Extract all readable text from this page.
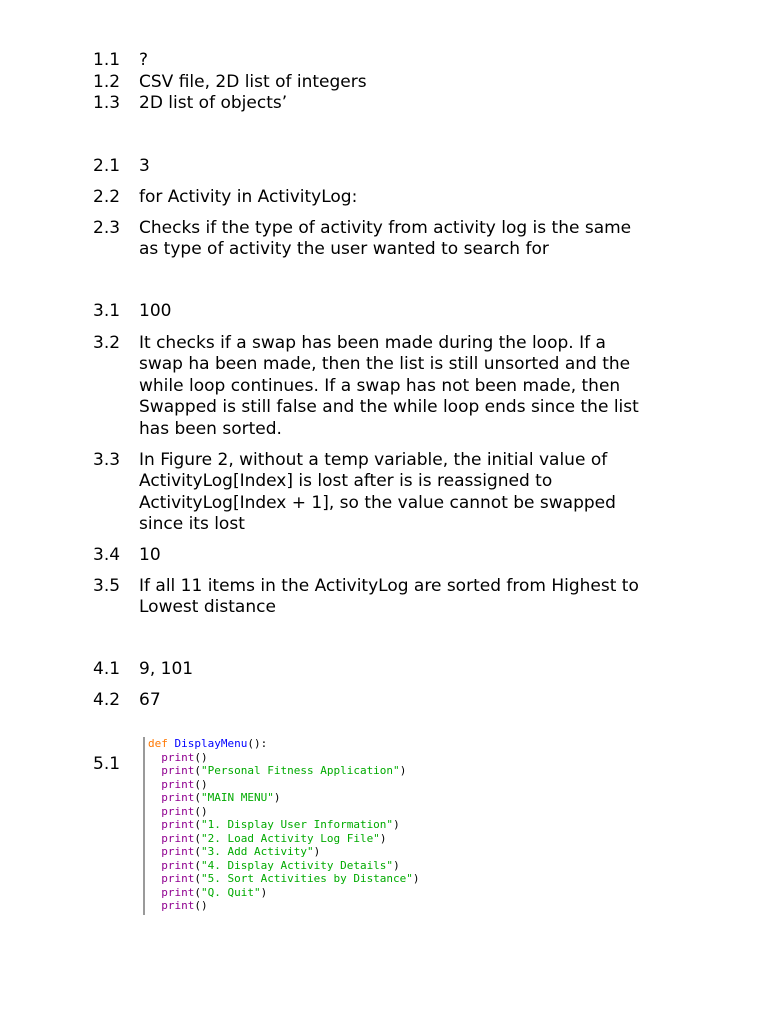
1.1	?
1.2	CSV file, 2D list of integers
1.3	2D list of objects’
2.1	3
2.2	for Activity in ActivityLog:
2.3	Checks if the type of activity from activity log is the same
as type of activity the user wanted to search for
3.1	100
3.2	It checks if a swap has been made during the loop. If a
swap ha been made, then the list is still unsorted and the
while loop continues. If a swap has not been made, then
Swapped is still false and the while loop ends since the list
has been sorted.
3.3	In Figure 2, without a temp variable, the initial value of
ActivityLog[Index] is lost after is is reassigned to
ActivityLog[Index + 1], so the value cannot be swapped
since its lost
3.4	10
3.5	If all 11 items in the ActivityLog are sorted from Highest to
Lowest distance
4.1	9, 101
4.2	67
5.1
def DisplayMenu():
print()
print("Personal Fitness Application")
print()
print("MAIN MENU")
print()
print("1. Display User Information")
print("2. Load Activity Log File")
print("3. Add Activity")
print("4. Display Activity Details")
print("5. Sort Activities by Distance")
print("Q. Quit")
print()
